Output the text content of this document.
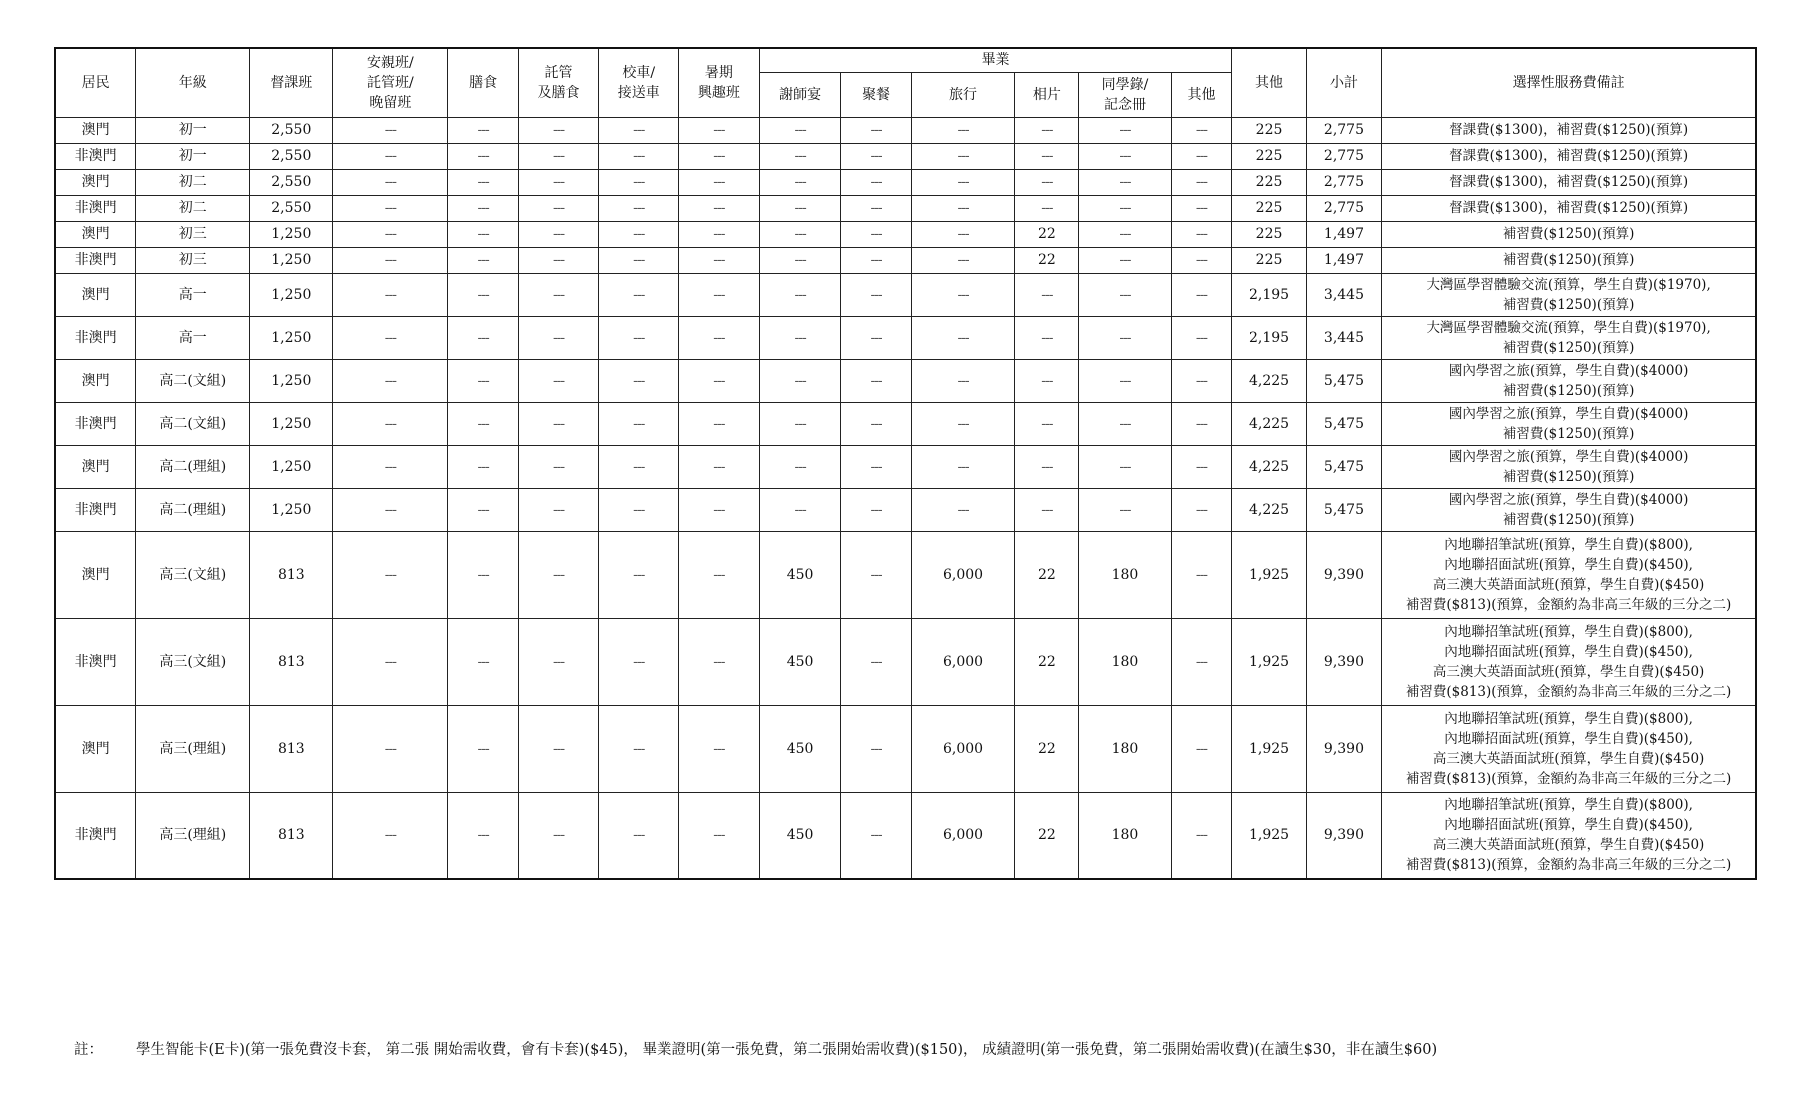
居民	年級	督課班	安親班/
託管班/
晚留班	膳食	託管
及膳食	校車/
接送車	暑期
興趣班	畢業						其他	小計	選擇性服務費備註
								謝師宴	聚餐	旅行	相片	同學錄/
記念冊	其他			
澳門	初一	2,550	---	---	---	---	---	---	---	---	---	---	---	225	2,775	督課費($1300)，補習費($1250)(預算)
非澳門	初一	2,550	---	---	---	---	---	---	---	---	---	---	---	225	2,775	督課費($1300)，補習費($1250)(預算)
澳門	初二	2,550	---	---	---	---	---	---	---	---	---	---	---	225	2,775	督課費($1300)，補習費($1250)(預算)
非澳門	初二	2,550	---	---	---	---	---	---	---	---	---	---	---	225	2,775	督課費($1300)，補習費($1250)(預算)
澳門	初三	1,250	---	---	---	---	---	---	---	---	22	---	---	225	1,497	補習費($1250)(預算)
非澳門	初三	1,250	---	---	---	---	---	---	---	---	22	---	---	225	1,497	補習費($1250)(預算)
澳門	高一	1,250	---	---	---	---	---	---	---	---	---	---	---	2,195	3,445	大灣區學習體驗交流(預算，學生自費)($1970),
補習費($1250)(預算)
非澳門	高一	1,250	---	---	---	---	---	---	---	---	---	---	---	2,195	3,445	大灣區學習體驗交流(預算，學生自費)($1970),
補習費($1250)(預算)
澳門	高二(文組)	1,250	---	---	---	---	---	---	---	---	---	---	---	4,225	5,475	國內學習之旅(預算，學生自費)($4000)
補習費($1250)(預算)
非澳門	高二(文組)	1,250	---	---	---	---	---	---	---	---	---	---	---	4,225	5,475	國內學習之旅(預算，學生自費)($4000)
補習費($1250)(預算)
澳門	高二(理組)	1,250	---	---	---	---	---	---	---	---	---	---	---	4,225	5,475	國內學習之旅(預算，學生自費)($4000)
補習費($1250)(預算)
非澳門	高二(理組)	1,250	---	---	---	---	---	---	---	---	---	---	---	4,225	5,475	國內學習之旅(預算，學生自費)($4000)
補習費($1250)(預算)
澳門	高三(文組)	813	---	---	---	---	---	450	---	6,000	22	180	---	1,925	9,390	內地聯招筆試班(預算，學生自費)($800),
內地聯招面試班(預算，學生自費)($450),
高三澳大英語面試班(預算，學生自費)($450)
補習費($813)(預算，金額約為非高三年級的三分之二)
非澳門	高三(文組)	813	---	---	---	---	---	450	---	6,000	22	180	---	1,925	9,390	內地聯招筆試班(預算，學生自費)($800),
內地聯招面試班(預算，學生自費)($450),
高三澳大英語面試班(預算，學生自費)($450)
補習費($813)(預算，金額約為非高三年級的三分之二)
澳門	高三(理組)	813	---	---	---	---	---	450	---	6,000	22	180	---	1,925	9,390	內地聯招筆試班(預算，學生自費)($800),
內地聯招面試班(預算，學生自費)($450),
高三澳大英語面試班(預算，學生自費)($450)
補習費($813)(預算，金額約為非高三年級的三分之二)
非澳門	高三(理組)	813	---	---	---	---	---	450	---	6,000	22	180	---	1,925	9,390	內地聯招筆試班(預算，學生自費)($800),
內地聯招面試班(預算，學生自費)($450),
高三澳大英語面試班(預算，學生自費)($450)
補習費($813)(預算，金額約為非高三年級的三分之二)
註： 學生智能卡(E卡)(第一張免費沒卡套， 第二張 開始需收費，會有卡套)($45)， 畢業證明(第一張免費，第二張開始需收費)($150)， 成績證明(第一張免費，第二張開始需收費)(在讀生$30，非在讀生$60)
